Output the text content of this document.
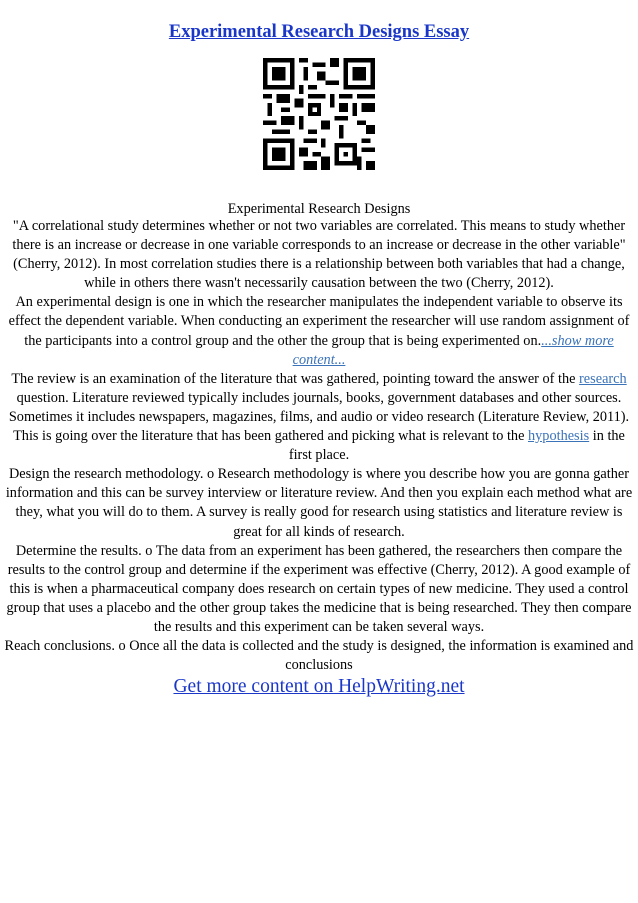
Experimental Research Designs Essay
Experimental Research Designs

"A correlational study determines whether or not two variables are correlated. This means to study whether there is an increase or decrease in one variable corresponds to an increase or decrease in the other variable" (Cherry, 2012). In most correlation studies there is a relationship between both variables that had a change, while in others there wasn't necessarily causation between the two (Cherry, 2012).

An experimental design is one in which the researcher manipulates the independent variable to observe its effect the dependent variable. When conducting an experiment the researcher will use random assignment of the participants into a control group and the other the group that is being experimented on....show more content...

The review is an examination of the literature that was gathered, pointing toward the answer of the research question. Literature reviewed typically includes journals, books, government databases and other sources. Sometimes it includes newspapers, magazines, films, and audio or video research (Literature Review, 2011). This is going over the literature that has been gathered and picking what is relevant to the hypothesis in the first place.

Design the research methodology. o Research methodology is where you describe how you are gonna gather information and this can be survey interview or literature review. And then you explain each method what are they, what you will do to them. A survey is really good for research using statistics and literature review is great for all kinds of research.

Determine the results. o The data from an experiment has been gathered, the researchers then compare the results to the control group and determine if the experiment was effective (Cherry, 2012). A good example of this is when a pharmaceutical company does research on certain types of new medicine. They used a control group that uses a placebo and the other group takes the medicine that is being researched. They then compare the results and this experiment can be taken several ways.

Reach conclusions. o Once all the data is collected and the study is designed, the information is examined and conclusions

Get more content on HelpWriting.net
